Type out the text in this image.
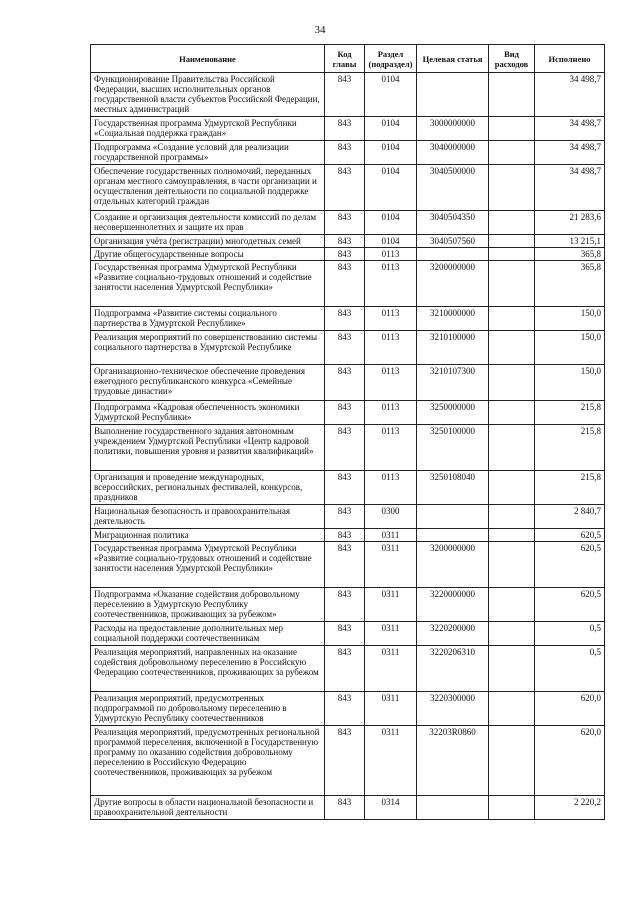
34
Наименование	Код главы	Раздел (подраздел)	Целевая статья	Вид расходов	Исполнено
Функционирование Правительства Российской Федерации, высших исполнительных органов государственной власти субъектов Российской Федерации, местных администраций	843	0104			34 498,7
Государственная программа Удмуртской Республики «Социальная поддержка граждан»	843	0104	3000000000		34 498,7
Подпрограмма «Создание условий для реализации государственной программы»	843	0104	3040000000		34 498,7
Обеспечение государственных полномочий, переданных органам местного самоуправления, в части организации и осуществления деятельности по социальной поддержке отдельных категорий граждан	843	0104	3040500000		34 498,7
Создание и организация деятельности комиссий по делам несовершеннолетних и защите их прав	843	0104	3040504350		21 283,6
Организация учёта (регистрации) многодетных семей	843	0104	3040507560		13 215,1
Другие общегосударственные вопросы	843	0113			365,8
Государственная программа Удмуртской Республики «Развитие социально-трудовых отношений и содействие занятости населения Удмуртской Республики»	843	0113	3200000000		365,8
Подпрограмма «Развитие системы социального партнерства в Удмуртской Республике»	843	0113	3210000000		150,0
Реализация мероприятий по совершенствованию системы социального партнерства в Удмуртской Республике	843	0113	3210100000		150,0
Организационно-техническое обеспечение проведения ежегодного республиканского конкурса «Семейные трудовые династии»	843	0113	3210107300		150,0
Подпрограмма «Кадровая обеспеченность экономики Удмуртской Республики»	843	0113	3250000000		215,8
Выполнение государственного задания автономным учреждением Удмуртской Республики «Центр кадровой политики, повышения уровня и развития квалификаций»	843	0113	3250100000		215,8
Организация и проведение международных, всероссийских, региональных фестивалей, конкурсов, праздников	843	0113	3250108040		215,8
Национальная безопасность и правоохранительная деятельность	843	0300			2 840,7
Миграционная политика	843	0311			620,5
Государственная программа Удмуртской Республики «Развитие социально-трудовых отношений и содействие занятости населения Удмуртской Республики»	843	0311	3200000000		620,5
Подпрограмма «Оказание содействия добровольному переселению в Удмуртскую Республику соотечественников, проживающих за рубежом»	843	0311	3220000000		620,5
Расходы на предоставление дополнительных мер социальной поддержки соотечественникам	843	0311	3220200000		0,5
Реализация мероприятий, направленных на оказание содействия добровольному переселению в Российскую Федерацию соотечественников, проживающих за рубежом	843	0311	3220206310		0,5
Реализация мероприятий, предусмотренных подпрограммой по добровольному переселению в Удмуртскую Республику соотечественников	843	0311	3220300000		620,0
Реализация мероприятий, предусмотренных региональной программой переселения, включенной в Государственную программу по оказанию содействия добровольному переселению в Российскую Федерацию соотечественников, проживающих за рубежом	843	0311	32203R0860		620,0
Другие вопросы в области национальной безопасности и правоохранительной деятельности	843	0314			2 220,2
